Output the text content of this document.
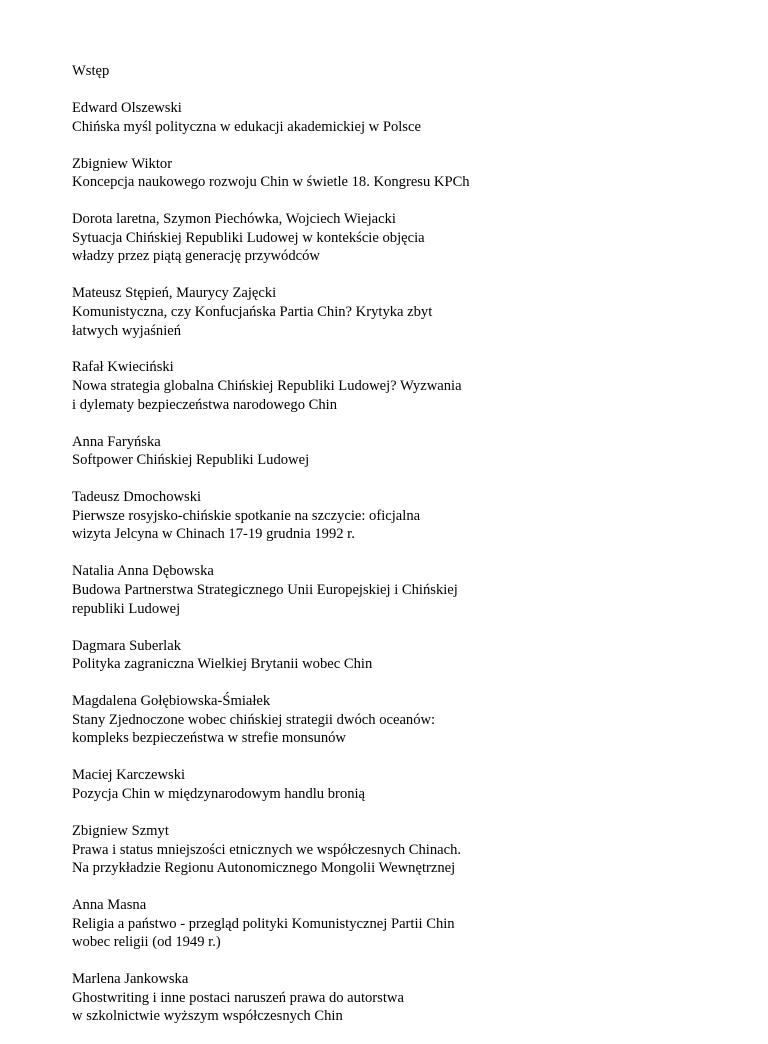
Wstęp
Edward Olszewski
Chińska myśl polityczna w edukacji akademickiej w Polsce
Zbigniew Wiktor
Koncepcja naukowego rozwoju Chin w świetle 18. Kongresu KPCh
Dorota laretna, Szymon Piechówka, Wojciech Wiejacki
Sytuacja Chińskiej Republiki Ludowej w kontekście objęcia
władzy przez piątą generację przywódców
Mateusz Stępień, Maurycy Zajęcki
Komunistyczna, czy Konfucjańska Partia Chin? Krytyka zbyt
łatwych wyjaśnień
Rafał Kwieciński
Nowa strategia globalna Chińskiej Republiki Ludowej? Wyzwania
i dylematy bezpieczeństwa narodowego Chin
Anna Faryńska
Softpower Chińskiej Republiki Ludowej
Tadeusz Dmochowski
Pierwsze rosyjsko-chińskie spotkanie na szczycie: oficjalna
wizyta Jelcyna w Chinach 17-19 grudnia 1992 r.
Natalia Anna Dębowska
Budowa Partnerstwa Strategicznego Unii Europejskiej i Chińskiej
republiki Ludowej
Dagmara Suberlak
Polityka zagraniczna Wielkiej Brytanii wobec Chin
Magdalena Gołębiowska-Śmiałek
Stany Zjednoczone wobec chińskiej strategii dwóch oceanów:
kompleks bezpieczeństwa w strefie monsunów
Maciej Karczewski
Pozycja Chin w międzynarodowym handlu bronią
Zbigniew Szmyt
Prawa i status mniejszości etnicznych we współczesnych Chinach.
Na przykładzie Regionu Autonomicznego Mongolii Wewnętrznej
Anna Masna
Religia a państwo - przegląd polityki Komunistycznej Partii Chin
wobec religii (od 1949 r.)
Marlena Jankowska
Ghostwriting i inne postaci naruszeń prawa do autorstwa
w szkolnictwie wyższym współczesnych Chin
